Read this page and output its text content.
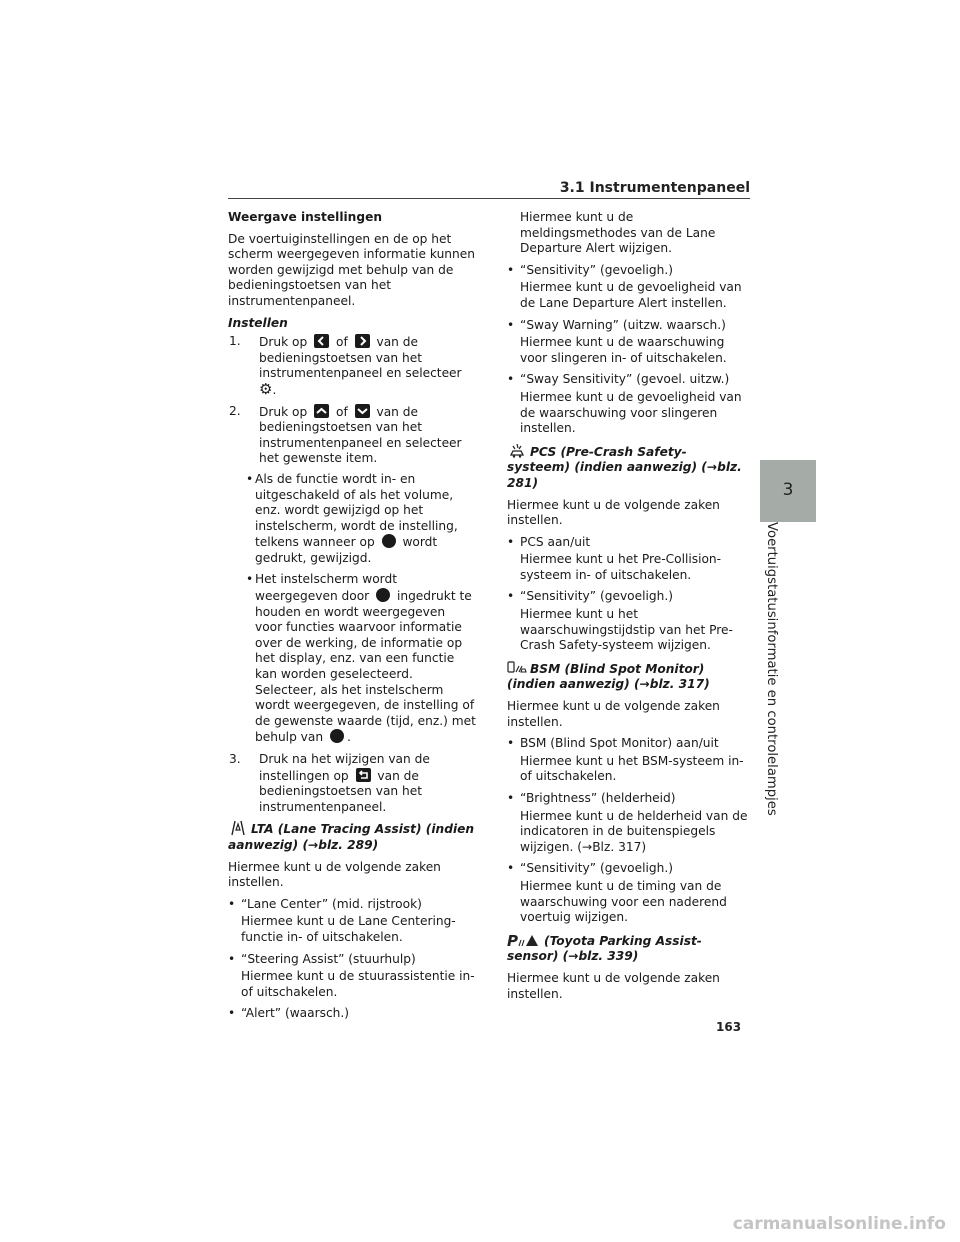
3.1 Instrumentenpaneel
3
Voertuigstatusinformatie en controlelampjes

Weergave instellingen

De voertuiginstellingen en de op het scherm weergegeven informatie kunnen worden gewijzigd met behulp van de bedieningstoetsen van het instrumentenpaneel.

Instellen

1.	Druk op of van de bedieningstoetsen van het instrumentenpaneel en selecteer ⚙.
2.	Druk op of van de bedieningstoetsen van het instrumentenpaneel en selecteer het gewenste item.
• Als de functie wordt in- en uitgeschakeld of als het volume, enz. wordt gewijzigd op het instelscherm, wordt de instelling, telkens wanneer op wordt gedrukt, gewijzigd.
• Het instelscherm wordt weergegeven door ingedrukt te houden en wordt weergegeven voor functies waarvoor informatie over de werking, de informatie op het display, enz. van een functie kan worden geselecteerd. Selecteer, als het instelscherm wordt weergegeven, de instelling of de gewenste waarde (tijd, enz.) met behulp van .
3.	Druk na het wijzigen van de instellingen op van de bedieningstoetsen van het instrumentenpaneel.

LTA (Lane Tracing Assist) (indien aanwezig) (→blz. 289)

Hiermee kunt u de volgende zaken instellen.

• “Lane Center” (mid. rijstrook)
Hiermee kunt u de Lane Centering-functie in- of uitschakelen.
• “Steering Assist” (stuurhulp)
Hiermee kunt u de stuurassistentie in- of uitschakelen.
• “Alert” (waarsch.)
Hiermee kunt u de meldingsmethodes van de Lane Departure Alert wijzigen.
• “Sensitivity” (gevoeligh.)
Hiermee kunt u de gevoeligheid van de Lane Departure Alert instellen.
• “Sway Warning” (uitzw. waarsch.)
Hiermee kunt u de waarschuwing voor slingeren in- of uitschakelen.
• “Sway Sensitivity” (gevoel. uitzw.)
Hiermee kunt u de gevoeligheid van de waarschuwing voor slingeren instellen.

PCS (Pre-Crash Safety-systeem) (indien aanwezig) (→blz. 281)

Hiermee kunt u de volgende zaken instellen.

• PCS aan/uit
Hiermee kunt u het Pre-Collision-systeem in- of uitschakelen.
• “Sensitivity” (gevoeligh.)
Hiermee kunt u het waarschuwingstijdstip van het Pre-Crash Safety-systeem wijzigen.

BSM (Blind Spot Monitor) (indien aanwezig) (→blz. 317)

Hiermee kunt u de volgende zaken instellen.

• BSM (Blind Spot Monitor) aan/uit
Hiermee kunt u het BSM-systeem in- of uitschakelen.
• “Brightness” (helderheid)
Hiermee kunt u de helderheid van de indicatoren in de buitenspiegels wijzigen. (→Blz. 317)
• “Sensitivity” (gevoeligh.)
Hiermee kunt u de timing van de waarschuwing voor een naderend voertuig wijzigen.

P (Toyota Parking Assist-sensor) (→blz. 339)

Hiermee kunt u de volgende zaken instellen.

163
carmanualsonline.info
